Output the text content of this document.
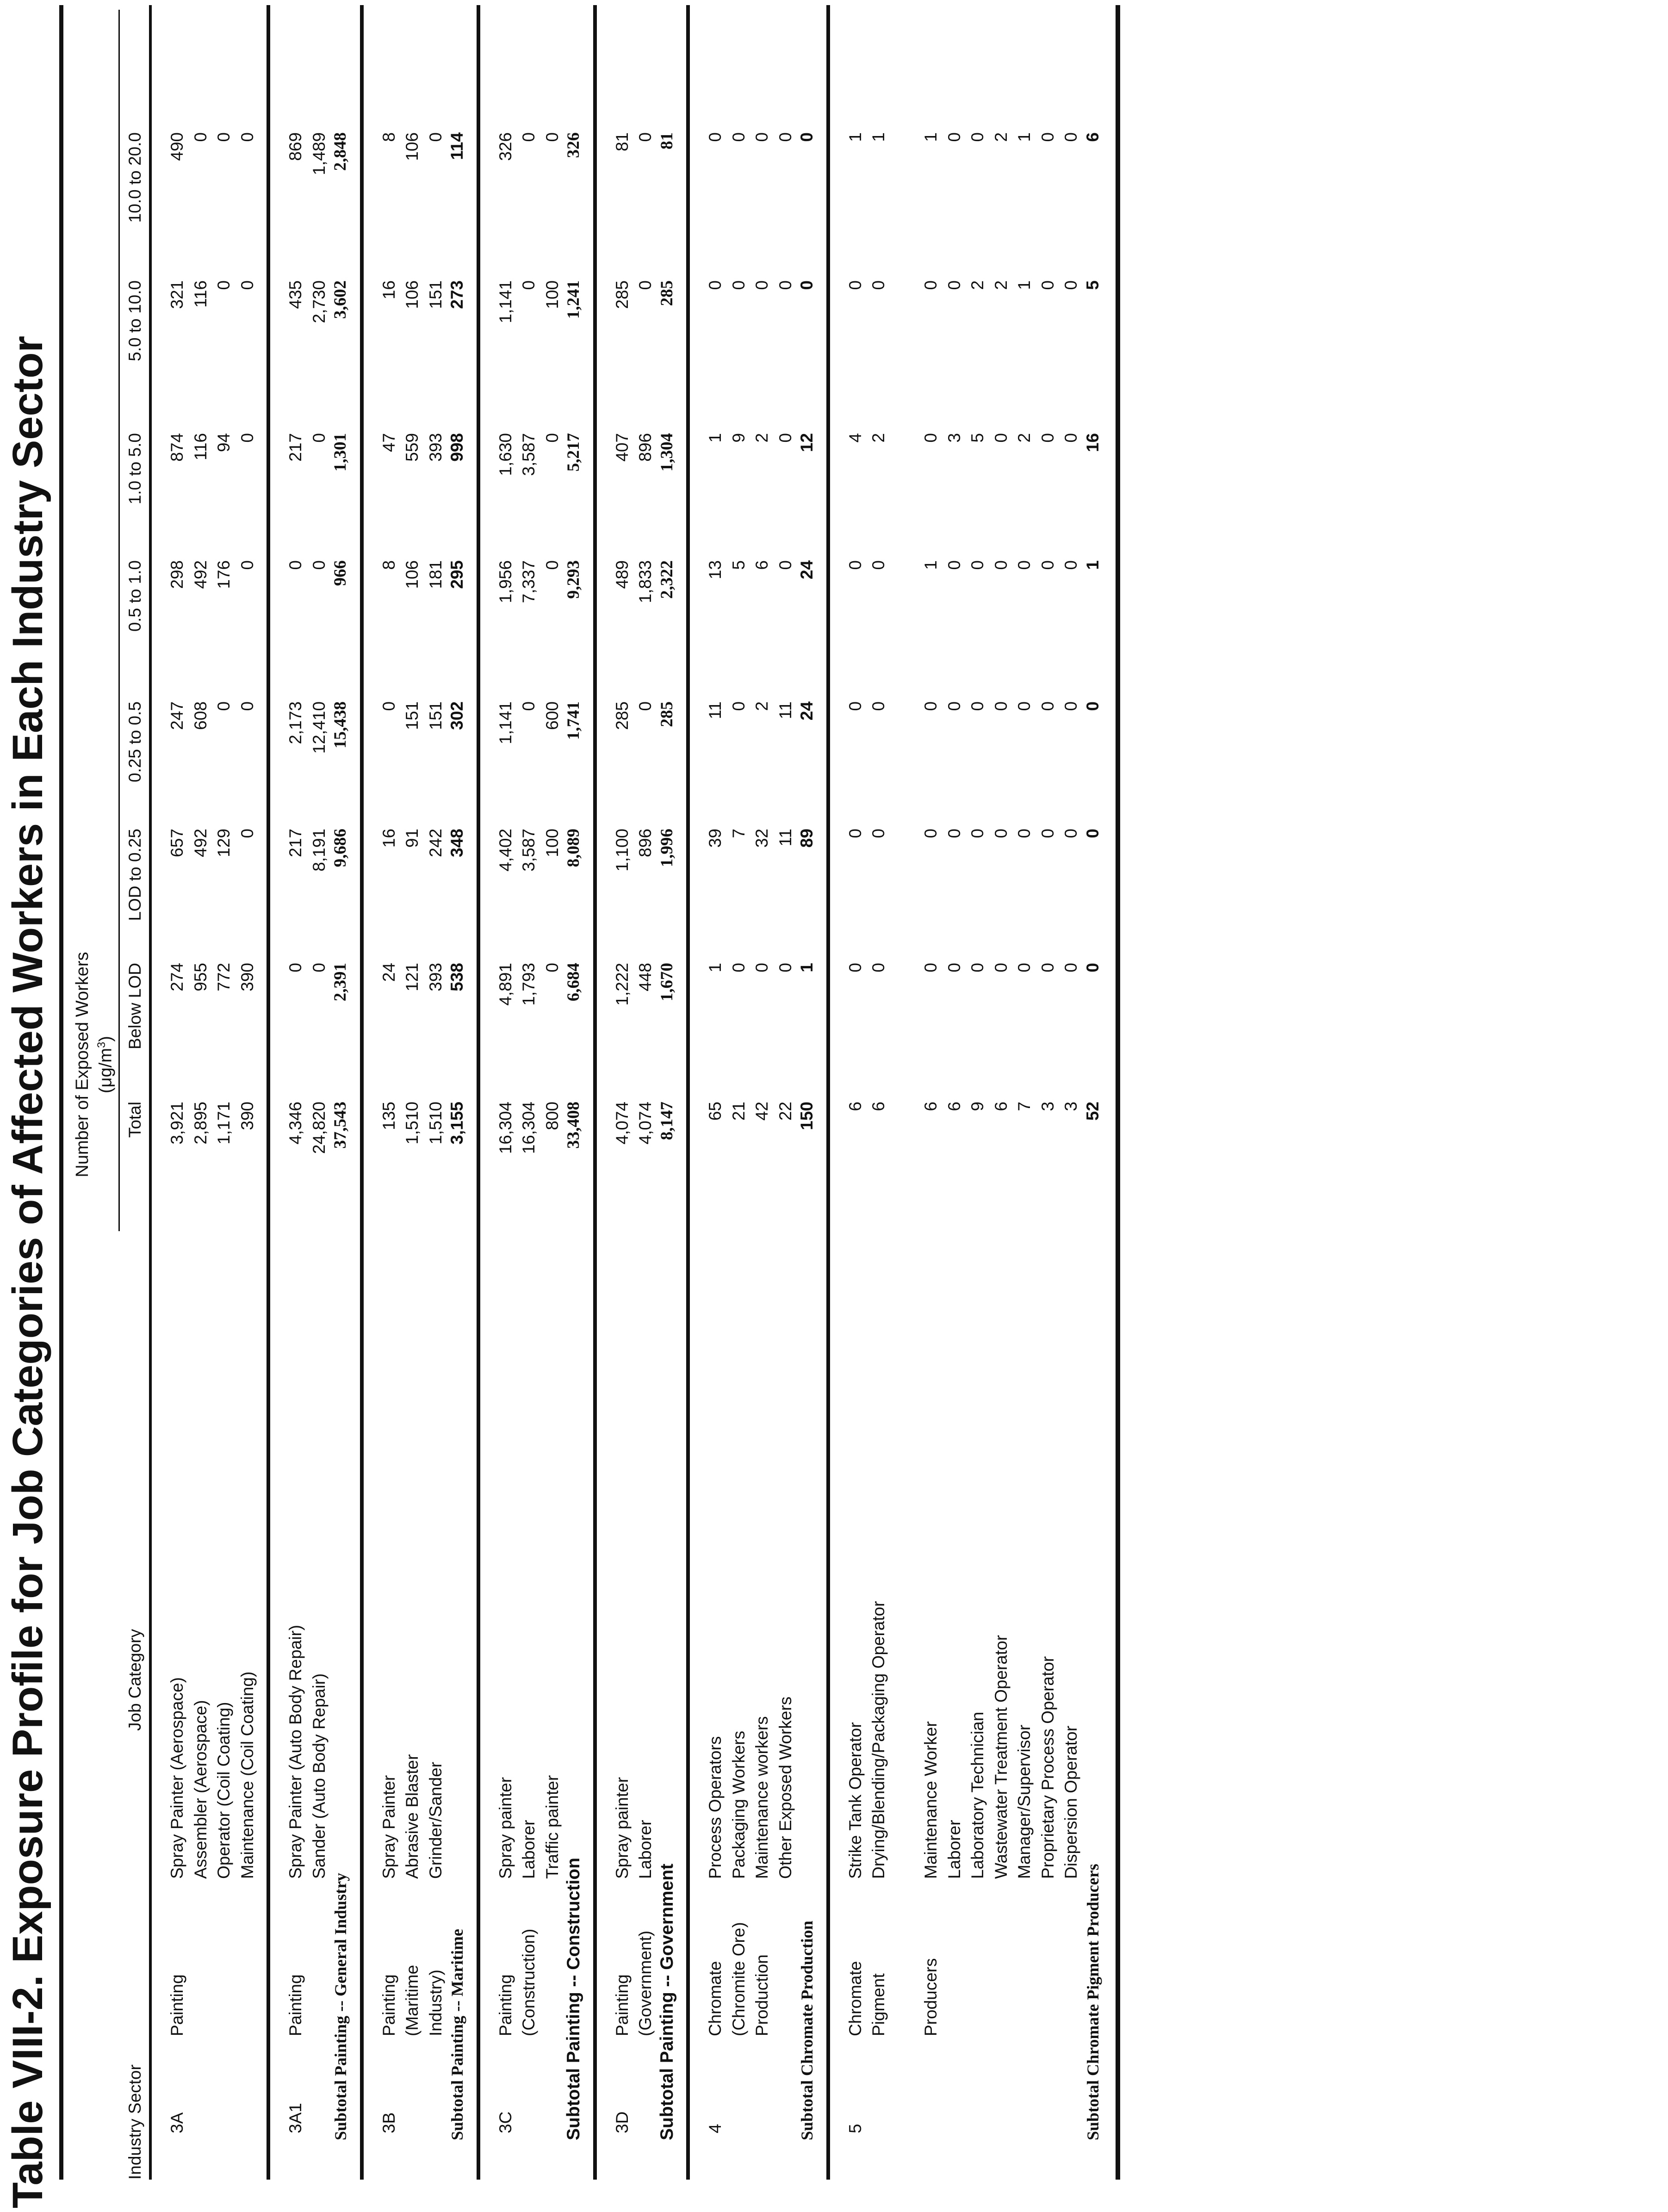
Table VIII-2. Exposure Profile for Job Categories of Affected Workers in Each Industry Sector Number of Exposed Workers $(\mu g/m^3)$
Industry Sector
Job Category
Total
Below LOD
LOD to 0.25
0.25 to 0.5
0.5 to 1.0
1.0 to 5.0
5.0 to 10.0
10.0 to 20.0
3A
Painting
Spray Painter (Aerospace)
3,921
274
657
247
298
874
321
490
Assembler (Aerospace)
2,895
955
492
608
492
116
116
0
Operator (Coil Coating)
1,171
772
129
0
176
94
0
0
Maintenance (Coil Coating)
390
390
0
0
0
0
0
0
3A1
Painting
Spray Painter (Auto Body Repair)
4,346
0
217
2,173
0
217
435
869
Sander (Auto Body Repair)
24,820
0
8,191
12,410
0
0
2,730
1,489
Subtotal Painting -- General Industry
37,543
2,391
9,686
15,438
966
1,301
3,602
2,848
3B
Painting (Maritime Industry)
Spray Painter
135
24
16
0
8
47
16
8
Abrasive Blaster
1,510
121
91
151
106
559
106
106
Grinder/Sander
1,510
393
242
151
181
393
151
0
Subtotal Painting -- Maritime
3,155
538
348
302
295
998
273
114
3C
Painting (Construction)
Spray painter
16,304
4,891
4,402
1,141
1,956
1,630
1,141
326
Laborer
16,304
1,793
3,587
0
7,337
3,587
0
0
Traffic painter
800
0
100
600
0
0
100
0
Subtotal Painting -- Construction
33,408
6,684
8,089
1,741
9,293
5,217
1,241
326
3D
Painting (Government)
Spray painter
4,074
1,222
1,100
285
489
407
285
81
Laborer
4,074
448
896
0
1,833
896
0
0
Subtotal Painting -- Government
8,147
1,670
1,996
285
2,322
1,304
285
81
4
Chromate (Chromite Ore) Production
Process Operators
65
1
39
11
13
1
0
0
Packaging Workers
21
0
7
0
5
9
0
0
Maintenance workers
42
0
32
2
6
2
0
0
Other Exposed Workers
22
0
11
11
0
0
0
0
Subtotal Chromate Production
150
1
89
24
24
12
0
0
5
Chromate Pigment Producers
Strike Tank Operator
6
0
0
0
0
4
0
1
Drying/Blending/Packaging Operator
6
0
0
0
0
2
0
1
Maintenance Worker
6
0
0
0
1
0
0
1
Laborer
6
0
0
0
0
3
0
0
Laboratory Technician
9
0
0
0
0
5
2
0
Wastewater Treatment Operator
6
0
0
0
0
0
2
2
Manager/Supervisor
7
0
0
0
0
2
1
1
Proprietary Process Operator
3
0
0
0
0
0
0
0
Dispersion Operator
3
0
0
0
0
0
0
0
Subtotal Chromate Pigment Producers
52
0
0
0
1
16
5
6
